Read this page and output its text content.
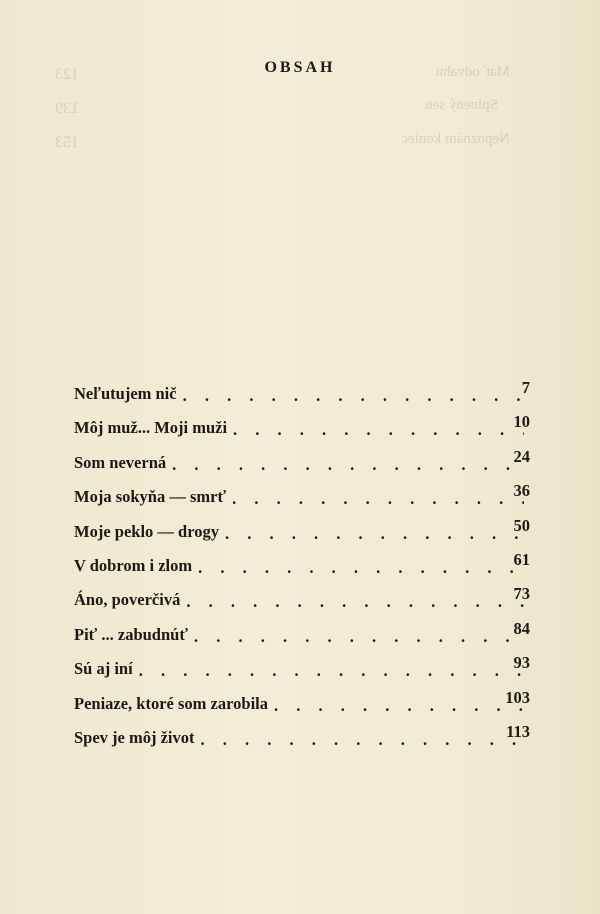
Mať odvahu
Splnený sen
Nepoznám koniec
123
139
153
OBSAH
Neľutujem nič . . .	7
Môj muž... Moji muži . . .	10
Som neverná . . .	24
Moja sokyňa — smrť . . .	36
Moje peklo — drogy . . .	50
V dobrom i zlom . . .	61
Áno, poverčivá . . .	73
Piť ... zabudnúť . . .	84
Sú aj iní . . .	93
Peniaze, ktoré som zarobila . . .	103
Spev je môj život . . .	113
